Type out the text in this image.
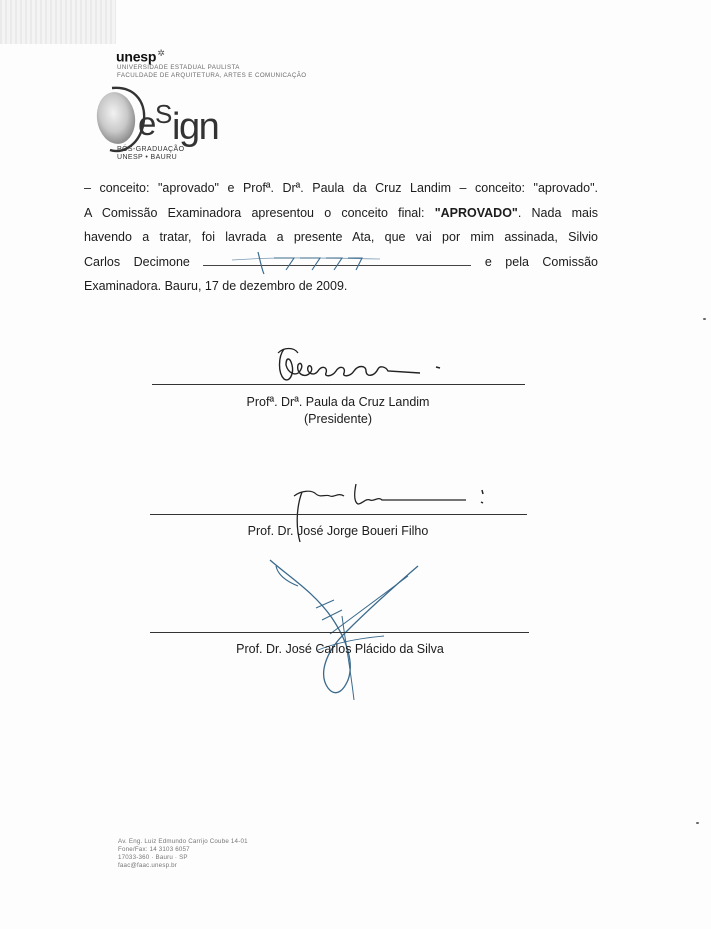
unesp✲
UNIVERSIDADE ESTADUAL PAULISTA
FACULDADE DE ARQUITETURA, ARTES E COMUNICAÇÃO
e S ign
PÓS-GRADUAÇÃO
UNESP • BAURU
– conceito: "aprovado" e Profª. Drª. Paula da Cruz Landim – conceito: "aprovado".
A Comissão Examinadora apresentou o conceito final: "APROVADO". Nada mais
havendo a tratar, foi lavrada a presente Ata, que vai por mim assinada, Silvio
Carlos Decimone	e pela Comissão
Examinadora. Bauru, 17 de dezembro de 2009.
Profª. Drª. Paula da Cruz Landim
(Presidente)
Prof. Dr. José Jorge Boueri Filho
Prof. Dr. José Carlos Plácido da Silva
Av. Eng. Luiz Edmundo Carrijo Coube 14-01
Fone/Fax: 14 3103 6057
17033-360 · Bauru · SP
faac@faac.unesp.br
